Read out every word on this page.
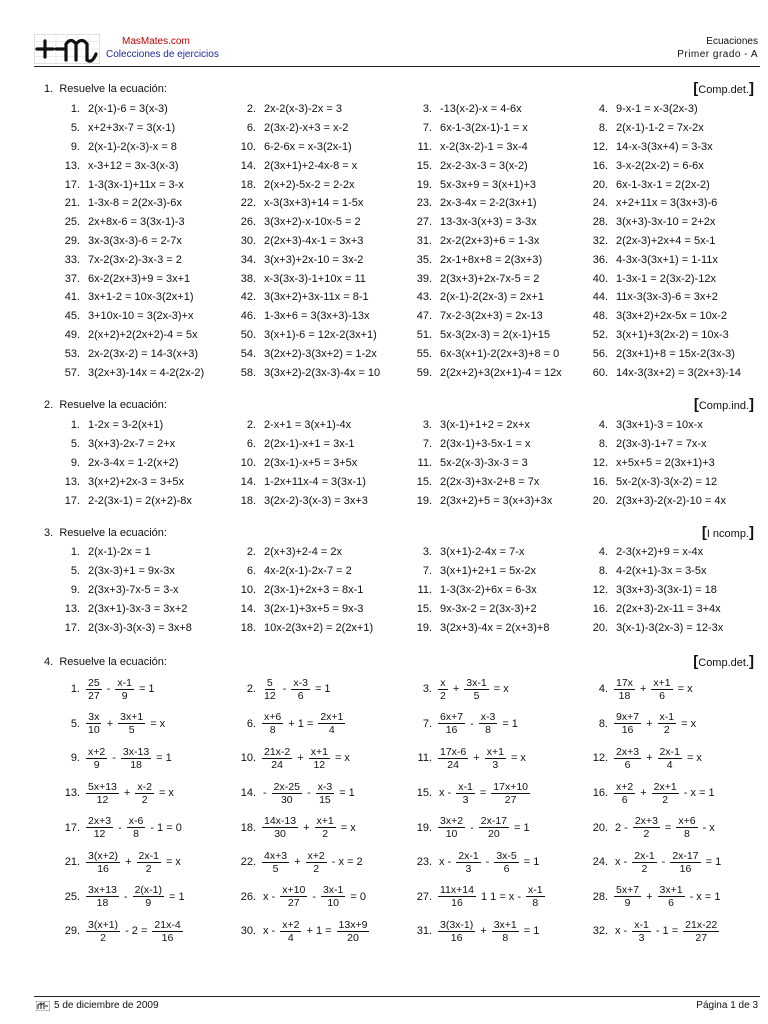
MasMates.com
Colecciones de ejercicios
Ecuaciones
Primer grado - A
1. Resuelve la ecuación:	[Comp.det.]
1. 2(x-1)-6 = 3(x-3)	2. 2x-2(x-3)-2x = 3	3. -13(x-2)-x = 4-6x	4. 9-x-1 = x-3(2x-3)
5. x+2+3x-7 = 3(x-1)	6. 2(3x-2)-x+3 = x-2	7. 6x-1-3(2x-1)-1 = x	8. 2(x-1)-1-2 = 7x-2x
9. 2(x-1)-2(x-3)-x = 8	10. 6-2-6x = x-3(2x-1)	11. x-2(3x-2)-1 = 3x-4	12. 14-x-3(3x+4) = 3-3x
13. x-3+12 = 3x-3(x-3)	14. 2(3x+1)+2-4x-8 = x	15. 2x-2-3x-3 = 3(x-2)	16. 3-x-2(2x-2) = 6-6x
17. 1-3(3x-1)+11x = 3-x	18. 2(x+2)-5x-2 = 2-2x	19. 5x-3x+9 = 3(x+1)+3	20. 6x-1-3x-1 = 2(2x-2)
21. 1-3x-8 = 2(2x-3)-6x	22. x-3(3x+3)+14 = 1-5x	23. 2x-3-4x = 2-2(3x+1)	24. x+2+11x = 3(3x+3)-6
25. 2x+8x-6 = 3(3x-1)-3	26. 3(3x+2)-x-10x-5 = 2	27. 13-3x-3(x+3) = 3-3x	28. 3(x+3)-3x-10 = 2+2x
29. 3x-3(3x-3)-6 = 2-7x	30. 2(2x+3)-4x-1 = 3x+3	31. 2x-2(2x+3)+6 = 1-3x	32. 2(2x-3)+2x+4 = 5x-1
33. 7x-2(3x-2)-3x-3 = 2	34. 3(x+3)+2x-10 = 3x-2	35. 2x-1+8x+8 = 2(3x+3)	36. 4-3x-3(3x+1) = 1-11x
37. 6x-2(2x+3)+9 = 3x+1	38. x-3(3x-3)-1+10x = 11	39. 2(3x+3)+2x-7x-5 = 2	40. 1-3x-1 = 2(3x-2)-12x
41. 3x+1-2 = 10x-3(2x+1)	42. 3(3x+2)+3x-11x = 8-1	43. 2(x-1)-2(2x-3) = 2x+1	44. 11x-3(3x-3)-6 = 3x+2
45. 3+10x-10 = 3(2x-3)+x	46. 1-3x+6 = 3(3x+3)-13x	47. 7x-2-3(2x+3) = 2x-13	48. 3(3x+2)+2x-5x = 10x-2
49. 2(x+2)+2(2x+2)-4 = 5x	50. 3(x+1)-6 = 12x-2(3x+1)	51. 5x-3(2x-3) = 2(x-1)+15	52. 3(x+1)+3(2x-2) = 10x-3
53. 2x-2(3x-2) = 14-3(x+3)	54. 3(2x+2)-3(3x+2) = 1-2x	55. 6x-3(x+1)-2(2x+3)+8 = 0	56. 2(3x+1)+8 = 15x-2(3x-3)
57. 3(2x+3)-14x = 4-2(2x-2)	58. 3(3x+2)-2(3x-3)-4x = 10	59. 2(2x+2)+3(2x+1)-4 = 12x	60. 14x-3(3x+2) = 3(2x+3)-14
2. Resuelve la ecuación:	[Comp.ind.]
1. 1-2x = 3-2(x+1)	2. 2-x+1 = 3(x+1)-4x	3. 3(x-1)+1+2 = 2x+x	4. 3(3x+1)-3 = 10x-x
5. 3(x+3)-2x-7 = 2+x	6. 2(2x-1)-x+1 = 3x-1	7. 2(3x-1)+3-5x-1 = x	8. 2(3x-3)-1+7 = 7x-x
9. 2x-3-4x = 1-2(x+2)	10. 2(3x-1)-x+5 = 3+5x	11. 5x-2(x-3)-3x-3 = 3	12. x+5x+5 = 2(3x+1)+3
13. 3(x+2)+2x-3 = 3+5x	14. 1-2x+11x-4 = 3(3x-1)	15. 2(2x-3)+3x-2+8 = 7x	16. 5x-2(x-3)-3(x-2) = 12
17. 2-2(3x-1) = 2(x+2)-8x	18. 3(2x-2)-3(x-3) = 3x+3	19. 2(3x+2)+5 = 3(x+3)+3x	20. 2(3x+3)-2(x-2)-10 = 4x
3. Resuelve la ecuación:	[I ncomp.]
1. 2(x-1)-2x = 1	2. 2(x+3)+2-4 = 2x	3. 3(x+1)-2-4x = 7-x	4. 2-3(x+2)+9 = x-4x
5. 2(3x-3)+1 = 9x-3x	6. 4x-2(x-1)-2x-7 = 2	7. 3(x+1)+2+1 = 5x-2x	8. 4-2(x+1)-3x = 3-5x
9. 2(3x+3)-7x-5 = 3-x	10. 2(3x-1)+2x+3 = 8x-1	11. 1-3(3x-2)+6x = 6-3x	12. 3(3x+3)-3(3x-1) = 18
13. 2(3x+1)-3x-3 = 3x+2	14. 3(2x-1)+3x+5 = 9x-3	15. 9x-3x-2 = 2(3x-3)+2	16. 2(2x+3)-2x-11 = 3+4x
17. 2(3x-3)-3(x-3) = 3x+8	18. 10x-2(3x+2) = 2(2x+1)	19. 3(2x+3)-4x = 2(x+3)+8	20. 3(x-1)-3(2x-3) = 12-3x
4. Resuelve la ecuación:	[Comp.det.]
1. $\frac{25}{27} - \frac{x-1}{9} = 1$	2. $\frac{5}{12} - \frac{x-3}{6} = 1$	3. $\frac{x}{2} + \frac{3x-1}{5} = x$	4. $\frac{17x}{18} + \frac{x+1}{6} = x$
5. $\frac{3x}{10} + \frac{3x+1}{5} = x$	6. $\frac{x+6}{8} + 1 = \frac{2x+1}{4}$	7. $\frac{6x+7}{16} - \frac{x-3}{8} = 1$	8. $\frac{9x+7}{16} + \frac{x-1}{2} = x$
9. $\frac{x+2}{9} - \frac{3x-13}{18} = 1$	10. $\frac{21x-2}{24} + \frac{x+1}{12} = x$	11. $\frac{17x-6}{24} + \frac{x+1}{3} = x$	12. $\frac{2x+3}{6} + \frac{2x-1}{4} = x$
13. $\frac{5x+13}{12} + \frac{x-2}{2} = x$	14. - $\frac{2x-25}{30} - \frac{x-3}{15} = 1$	15. $x - \frac{x-1}{3} = \frac{17x+10}{27}$	16. $\frac{x+2}{6} + \frac{2x+1}{2} - x = 1$
17. $\frac{2x+3}{12} - \frac{x-6}{8} - 1 = 0$	18. $\frac{14x-13}{30} + \frac{x+1}{2} = x$	19. $\frac{3x+2}{10} - \frac{2x-17}{20} = 1$	20. $2 - \frac{2x+3}{2} = \frac{x+6}{8} - x$
21. $\frac{3(x+2)}{16} + \frac{2x-1}{2} = x$	22. $\frac{4x+3}{5} + \frac{x+2}{2} - x = 2$	23. $x - \frac{2x-1}{3} - \frac{3x-5}{6} = 1$	24. $x - \frac{2x-1}{2} - \frac{2x-17}{16} = 1$
25. $\frac{3x+13}{18} - \frac{2(x-1)}{9} = 1$	26. $x - \frac{x+10}{27} - \frac{3x-1}{10} = 0$	27. $\frac{11x+14}{16} 1$ $1 = x - \frac{x-1}{8}$	28. $\frac{5x+7}{9} + \frac{3x+1}{6} - x = 1$
29. $\frac{3(x+1)}{2} - 2 = \frac{21x-4}{16}$	30. $x - \frac{x+2}{4} + 1 = \frac{13x+9}{20}$	31. $\frac{3(3x-1)}{16} + \frac{3x+1}{8} = 1$	32. $x - \frac{x-1}{3} - 1 = \frac{21x-22}{27}$
5 de diciembre de 2009	Página 1 de 3
